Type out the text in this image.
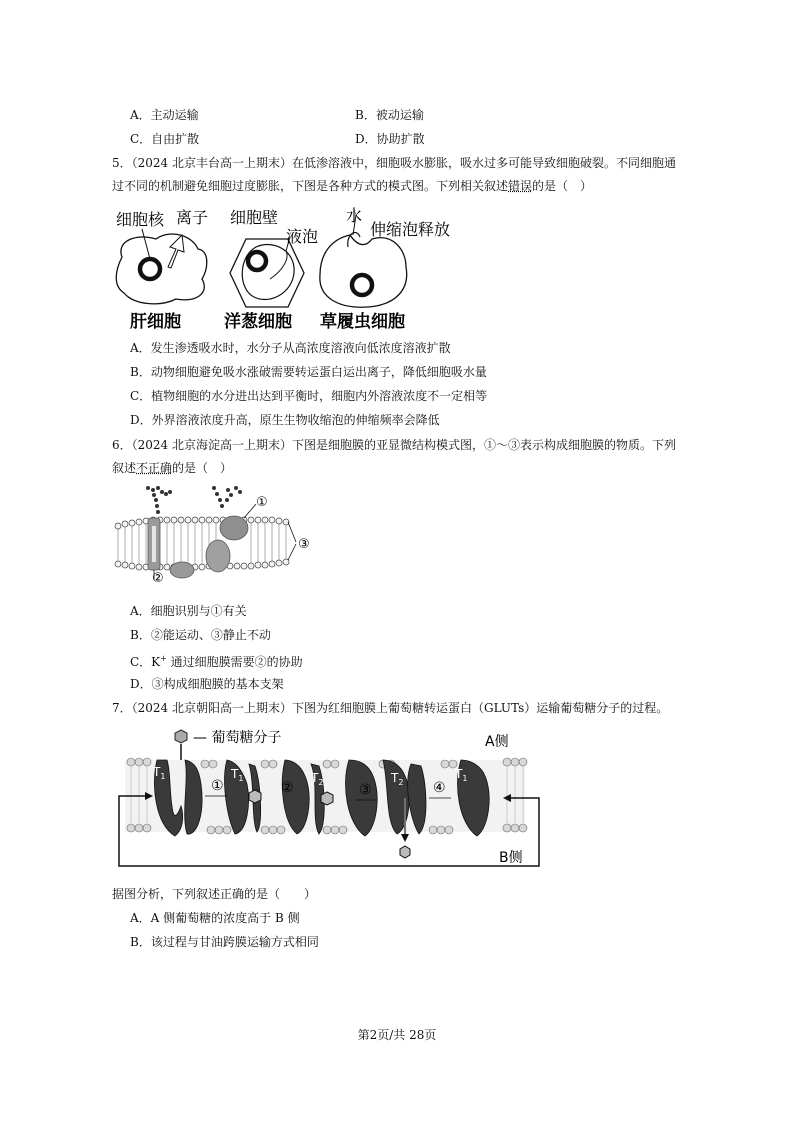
A．主动运输	B．被动运输
C．自由扩散	D．协助扩散
5．（2024 北京丰台高一上期末）在低渗溶液中，细胞吸水膨胀，吸水过多可能导致细胞破裂。不同细胞通
过不同的机制避免细胞过度膨胀，下图是各种方式的模式图。下列相关叙述错误的是（　）
细胞核 离子 细胞壁
液泡
水
伸缩泡释放
肝细胞	洋葱细胞 草履虫细胞
A．发生渗透吸水时，水分子从高浓度溶液向低浓度溶液扩散
B．动物细胞避免吸水涨破需要转运蛋白运出离子，降低细胞吸水量
C．植物细胞的水分进出达到平衡时，细胞内外溶液浓度不一定相等
D．外界溶液浓度升高，原生生物收缩泡的伸缩频率会降低
6．（2024 北京海淀高一上期末）下图是细胞膜的亚显微结构模式图，①～③表示构成细胞膜的物质。下列
叙述不正确的是（　）
①
③
②
A．细胞识别与①有关
B．②能运动、③静止不动
C．K+ 通过细胞膜需要②的协助
D．③构成细胞膜的基本支架
7．（2024 北京朝阳高一上期末）下图为红细胞膜上葡萄糖转运蛋白（GLUTs）运输葡萄糖分子的过程。
— 葡萄糖分子	A侧
$T_1$	$T_1$	$T_2$	$T_2$
$T_1$
①	②	③	④
B侧
据图分析，下列叙述正确的是（　　）
A．A 侧葡萄糖的浓度高于 B 侧
B．该过程与甘油跨膜运输方式相同
第2页/共 28页
